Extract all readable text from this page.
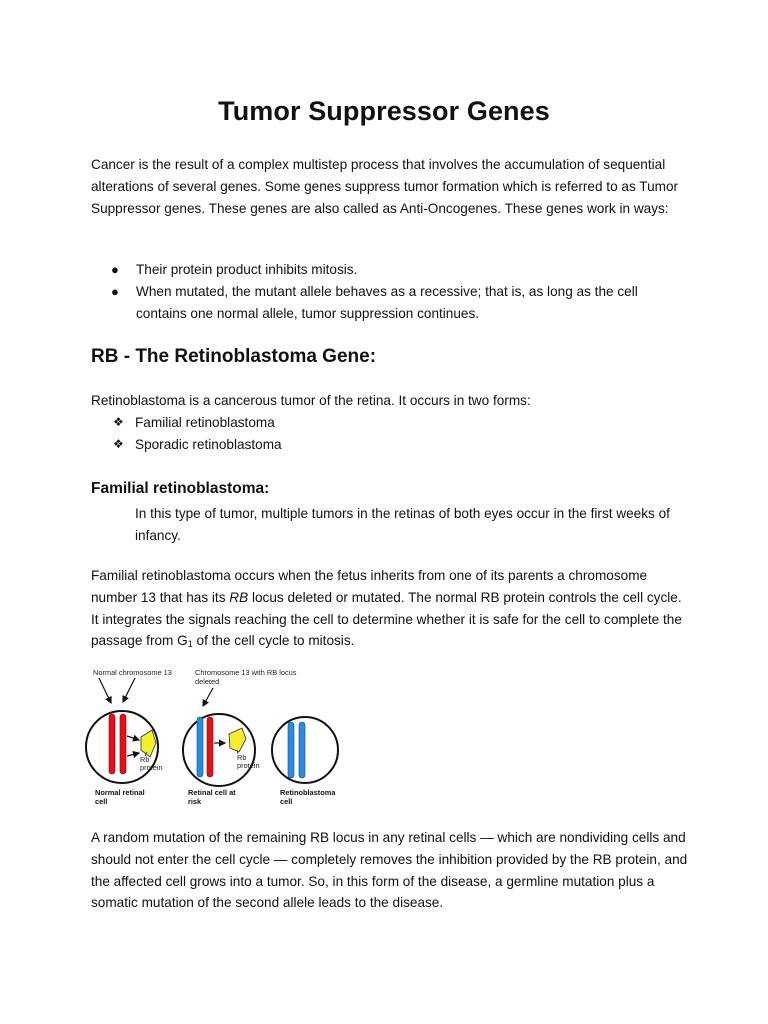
Tumor Suppressor Genes
Cancer is the result of a complex multistep process that involves the accumulation of sequential alterations of several genes. Some genes suppress tumor formation which is referred to as Tumor Suppressor genes. These genes are also called as Anti-Oncogenes. These genes work in ways:
● Their protein product inhibits mitosis.
● When mutated, the mutant allele behaves as a recessive; that is, as long as the cell contains one normal allele, tumor suppression continues.
RB - The Retinoblastoma Gene:
Retinoblastoma is a cancerous tumor of the retina. It occurs in two forms:
❖ Familial retinoblastoma
❖ Sporadic retinoblastoma
Familial retinoblastoma:
In this type of tumor, multiple tumors in the retinas of both eyes occur in the first weeks of infancy.
Familial retinoblastoma occurs when the fetus inherits from one of its parents a chromosome number 13 that has its RB locus deleted or mutated. The normal RB protein controls the cell cycle. It integrates the signals reaching the cell to determine whether it is safe for the cell to complete the passage from $G_1$ of the cell cycle to mitosis.
Normal chromosome 13	Chromosome 13 with RB locus
deleted
Rb
protein
Rb
protein
Normal retinal
cell
Retinal cell at
risk
Retinoblastoma
cell
A random mutation of the remaining RB locus in any retinal cells — which are nondividing cells and should not enter the cell cycle — completely removes the inhibition provided by the RB protein, and the affected cell grows into a tumor. So, in this form of the disease, a germline mutation plus a somatic mutation of the second allele leads to the disease.
